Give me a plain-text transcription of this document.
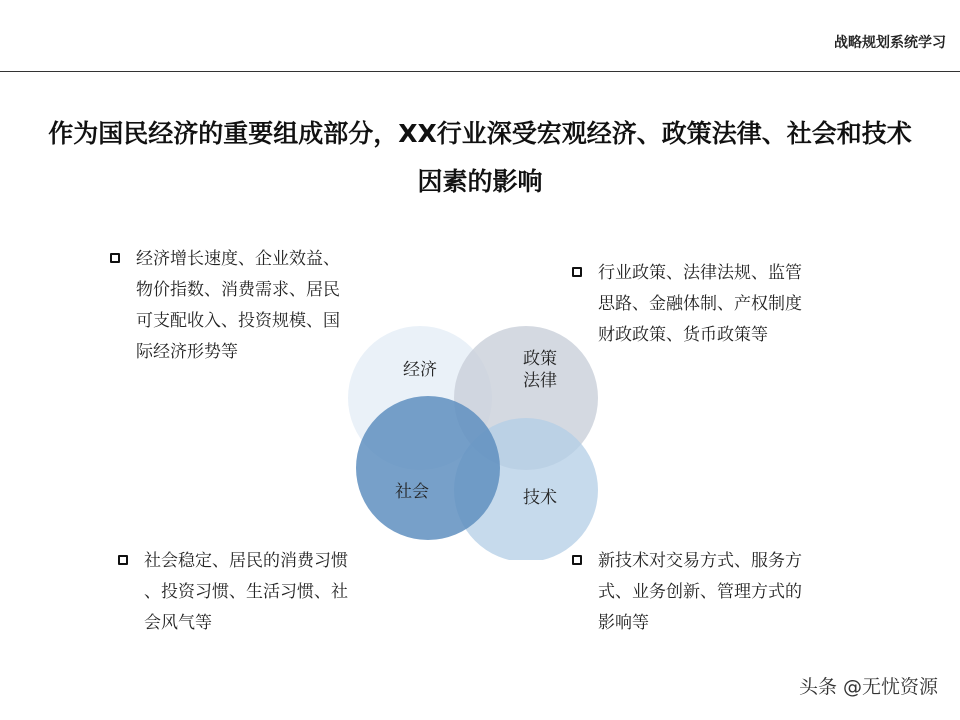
战略规划系统学习
作为国民经济的重要组成部分，XX行业深受宏观经济、政策法律、社会和技术
因素的影响
经济增长速度、企业效益、
物价指数、消费需求、居民
可支配收入、投资规模、国
际经济形势等
行业政策、法律法规、监管
思路、金融体制、产权制度
财政政策、货币政策等
社会稳定、居民的消费习惯
、投资习惯、生活习惯、社
会风气等
新技术对交易方式、服务方
式、业务创新、管理方式的
影响等
经济
政策
法律
社会	技术
头条 @无忧资源
